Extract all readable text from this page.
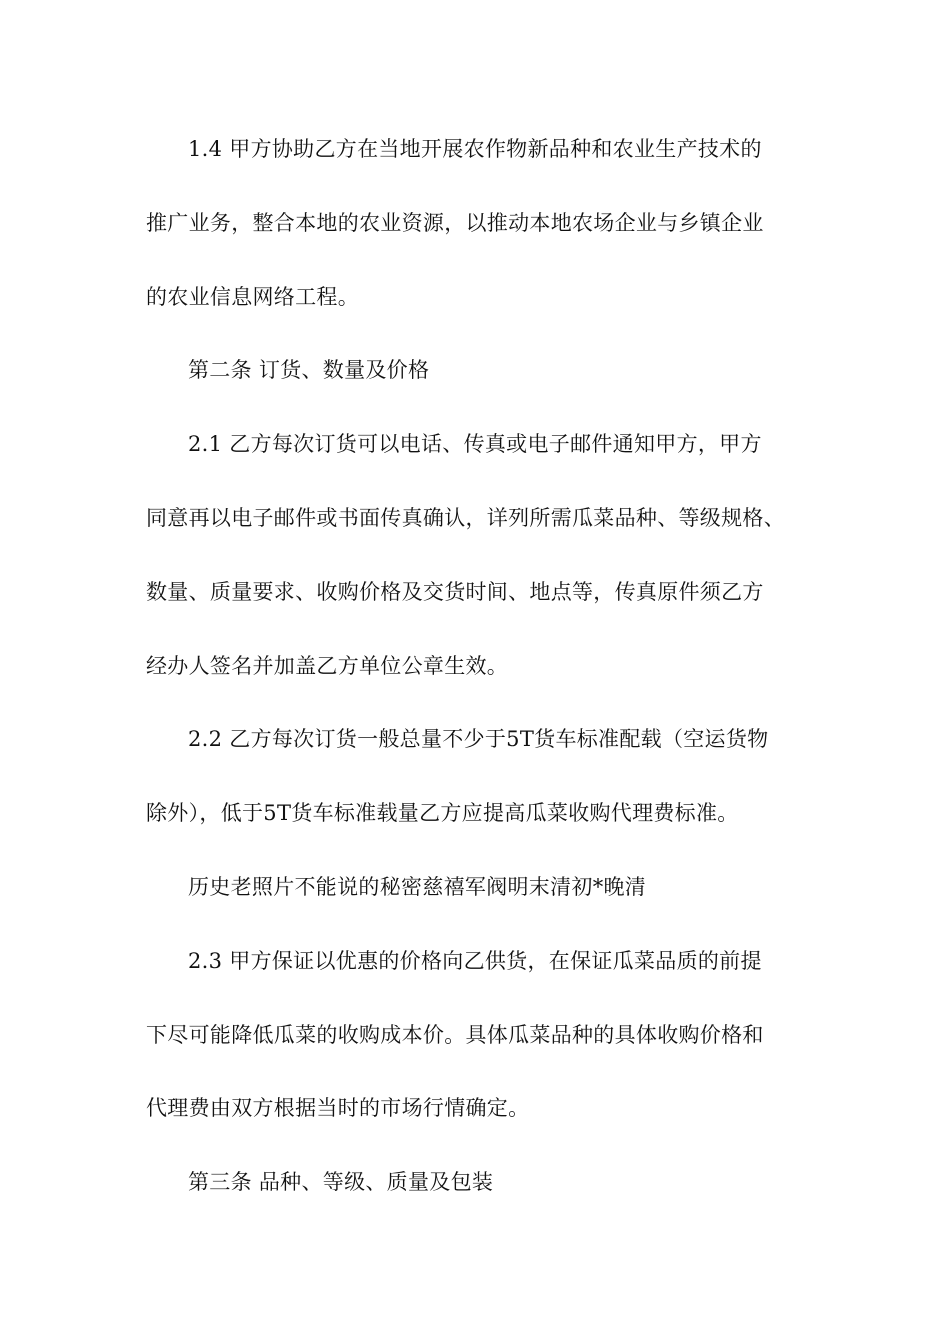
1.4 甲方协助乙方在当地开展农作物新品种和农业生产技术的
推广业务，整合本地的农业资源，以推动本地农场企业与乡镇企业
的农业信息网络工程。
第二条 订货、数量及价格
2.1 乙方每次订货可以电话、传真或电子邮件通知甲方，甲方
同意再以电子邮件或书面传真确认，详列所需瓜菜品种、等级规格、
数量、质量要求、收购价格及交货时间、地点等，传真原件须乙方
经办人签名并加盖乙方单位公章生效。
2.2 乙方每次订货一般总量不少于5T货车标准配载（空运货物
除外），低于5T货车标准载量乙方应提高瓜菜收购代理费标准。
历史老照片不能说的秘密慈禧军阀明末清初*晚清
2.3 甲方保证以优惠的价格向乙供货，在保证瓜菜品质的前提
下尽可能降低瓜菜的收购成本价。具体瓜菜品种的具体收购价格和
代理费由双方根据当时的市场行情确定。
第三条 品种、等级、质量及包装
